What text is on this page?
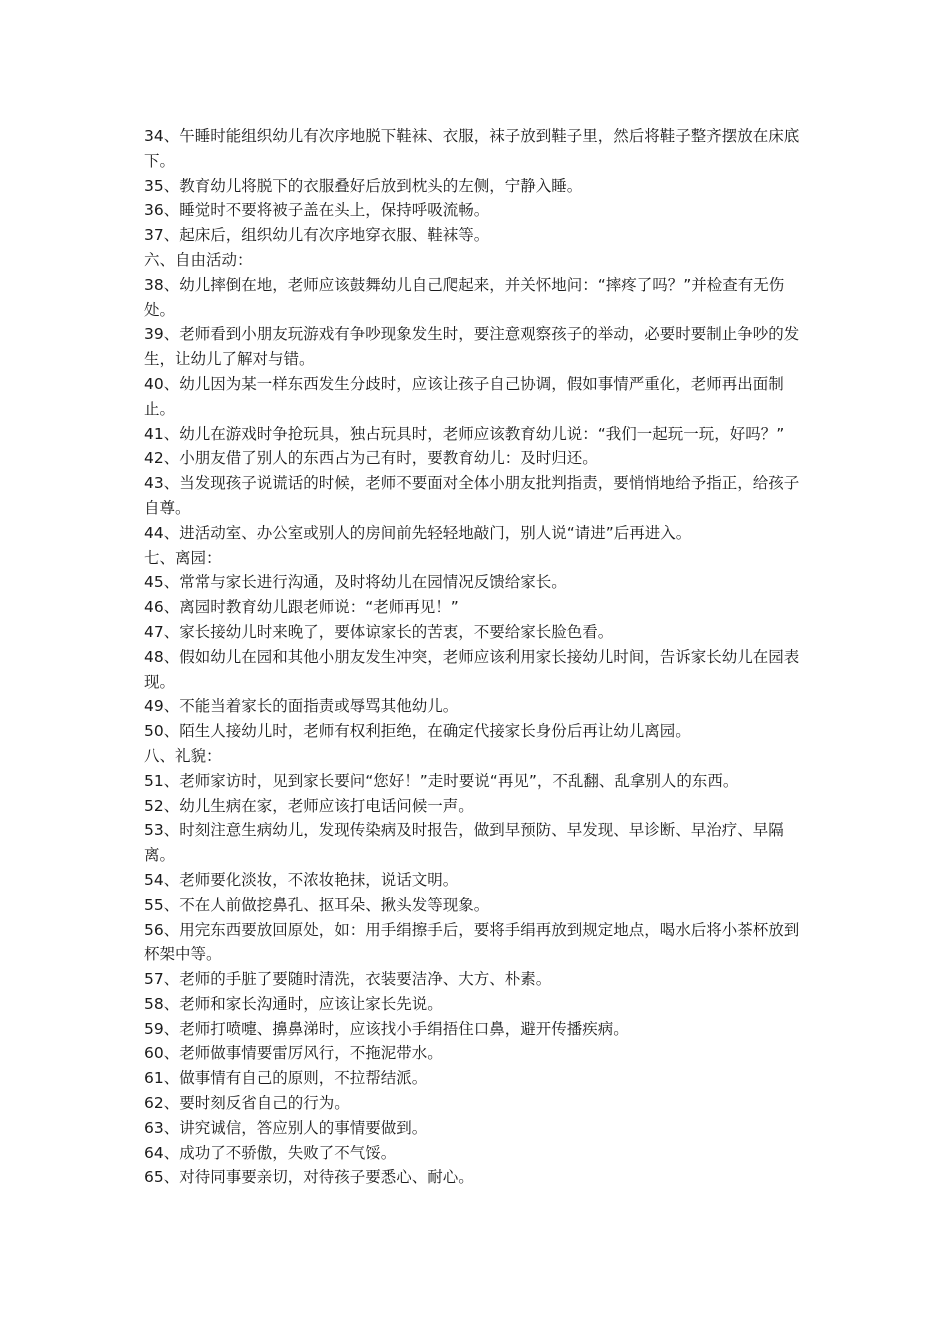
34、午睡时能组织幼儿有次序地脱下鞋袜、衣服，袜子放到鞋子里，然后将鞋子整齐摆放在床底下。

35、教育幼儿将脱下的衣服叠好后放到枕头的左侧，宁静入睡。

36、睡觉时不要将被子盖在头上，保持呼吸流畅。

37、起床后，组织幼儿有次序地穿衣服、鞋袜等。

六、自由活动：

38、幼儿摔倒在地，老师应该鼓舞幼儿自己爬起来，并关怀地问：“摔疼了吗？”并检查有无伤处。

39、老师看到小朋友玩游戏有争吵现象发生时，要注意观察孩子的举动，必要时要制止争吵的发生，让幼儿了解对与错。

40、幼儿因为某一样东西发生分歧时，应该让孩子自己协调，假如事情严重化，老师再出面制止。

41、幼儿在游戏时争抢玩具，独占玩具时，老师应该教育幼儿说：“我们一起玩一玩，好吗？”

42、小朋友借了别人的东西占为己有时，要教育幼儿：及时归还。

43、当发现孩子说谎话的时候，老师不要面对全体小朋友批判指责，要悄悄地给予指正，给孩子自尊。

44、进活动室、办公室或别人的房间前先轻轻地敲门，别人说“请进”后再进入。

七、离园：

45、常常与家长进行沟通，及时将幼儿在园情况反馈给家长。

46、离园时教育幼儿跟老师说：“老师再见！”

47、家长接幼儿时来晚了，要体谅家长的苦衷，不要给家长脸色看。

48、假如幼儿在园和其他小朋友发生冲突，老师应该利用家长接幼儿时间，告诉家长幼儿在园表现。

49、不能当着家长的面指责或辱骂其他幼儿。

50、陌生人接幼儿时，老师有权利拒绝，在确定代接家长身份后再让幼儿离园。

八、礼貌：

51、老师家访时，见到家长要问“您好！”走时要说“再见”，不乱翻、乱拿别人的东西。

52、幼儿生病在家，老师应该打电话问候一声。

53、时刻注意生病幼儿，发现传染病及时报告，做到早预防、早发现、早诊断、早治疗、早隔离。

54、老师要化淡妆，不浓妆艳抹，说话文明。

55、不在人前做挖鼻孔、抠耳朵、揪头发等现象。

56、用完东西要放回原处，如：用手绢擦手后，要将手绢再放到规定地点，喝水后将小茶杯放到杯架中等。

57、老师的手脏了要随时清洗，衣装要洁净、大方、朴素。

58、老师和家长沟通时，应该让家长先说。

59、老师打喷嚏、擤鼻涕时，应该找小手绢捂住口鼻，避开传播疾病。

60、老师做事情要雷厉风行，不拖泥带水。

61、做事情有自己的原则，不拉帮结派。

62、要时刻反省自己的行为。

63、讲究诚信，答应别人的事情要做到。

64、成功了不骄傲，失败了不气馁。

65、对待同事要亲切，对待孩子要悉心、耐心。
